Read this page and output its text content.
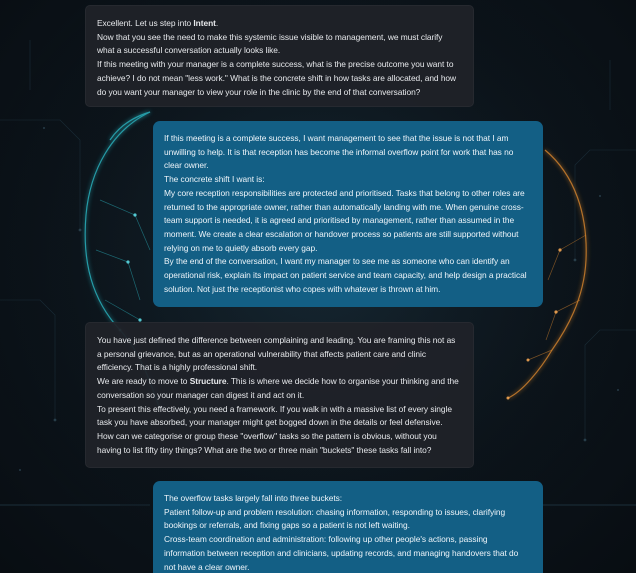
Excellent. Let us step into Intent.

Now that you see the need to make this systemic issue visible to management, we must clarify

what a successful conversation actually looks like.

If this meeting with your manager is a complete success, what is the precise outcome you want to

achieve? I do not mean "less work." What is the concrete shift in how tasks are allocated, and how

do you want your manager to view your role in the clinic by the end of that conversation?

If this meeting is a complete success, I want management to see that the issue is not that I am

unwilling to help. It is that reception has become the informal overflow point for work that has no

clear owner.

The concrete shift I want is:

My core reception responsibilities are protected and prioritised. Tasks that belong to other roles are

returned to the appropriate owner, rather than automatically landing with me. When genuine cross-

team support is needed, it is agreed and prioritised by management, rather than assumed in the

moment. We create a clear escalation or handover process so patients are still supported without

relying on me to quietly absorb every gap.

By the end of the conversation, I want my manager to see me as someone who can identify an

operational risk, explain its impact on patient service and team capacity, and help design a practical

solution. Not just the receptionist who copes with whatever is thrown at him.

You have just defined the difference between complaining and leading. You are framing this not as

a personal grievance, but as an operational vulnerability that affects patient care and clinic

efficiency. That is a highly professional shift.

We are ready to move to Structure. This is where we decide how to organise your thinking and the

conversation so your manager can digest it and act on it.

To present this effectively, you need a framework. If you walk in with a massive list of every single

task you have absorbed, your manager might get bogged down in the details or feel defensive.

How can we categorise or group these "overflow" tasks so the pattern is obvious, without you

having to list fifty tiny things? What are the two or three main "buckets" these tasks fall into?

The overflow tasks largely fall into three buckets:

Patient follow-up and problem resolution: chasing information, responding to issues, clarifying

bookings or referrals, and fixing gaps so a patient is not left waiting.

Cross-team coordination and administration: following up other people's actions, passing

information between reception and clinicians, updating records, and managing handovers that do

not have a clear owner.
